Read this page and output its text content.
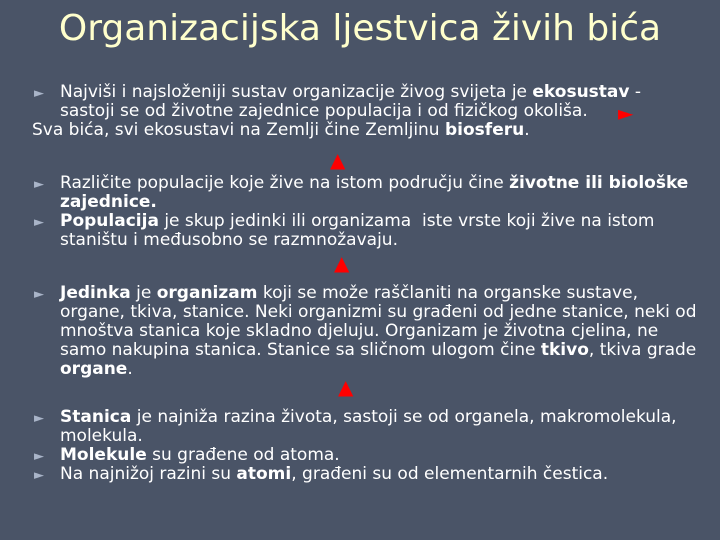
Organizacijska ljestvica živih bića
► Najviši i najsloženiji sustav organizacije živog svijeta je ekosustav -
sastoji se od životne zajednice populacija i od fizičkog okoliša.
Sva bića, svi ekosustavi na Zemlji čine Zemljinu biosferu.
►
▲
► Različite populacije koje žive na istom području čine životne ili biološke zajednice.
► Populacija je skup jedinki ili organizama  iste vrste koji žive na istom staništu i međusobno se razmnožavaju.
▲
► Jedinka je organizam koji se može raščlaniti na organske sustave, organe, tkiva, stanice. Neki organizmi su građeni od jedne stanice, neki od mnoštva stanica koje skladno djeluju. Organizam je životna cjelina, ne samo nakupina stanica. Stanice sa sličnom ulogom čine tkivo, tkiva grade organe.
▲
► Stanica je najniža razina života, sastoji se od organela, makromolekula, molekula.
► Molekule su građene od atoma.
► Na najnižoj razini su atomi, građeni su od elementarnih čestica.
